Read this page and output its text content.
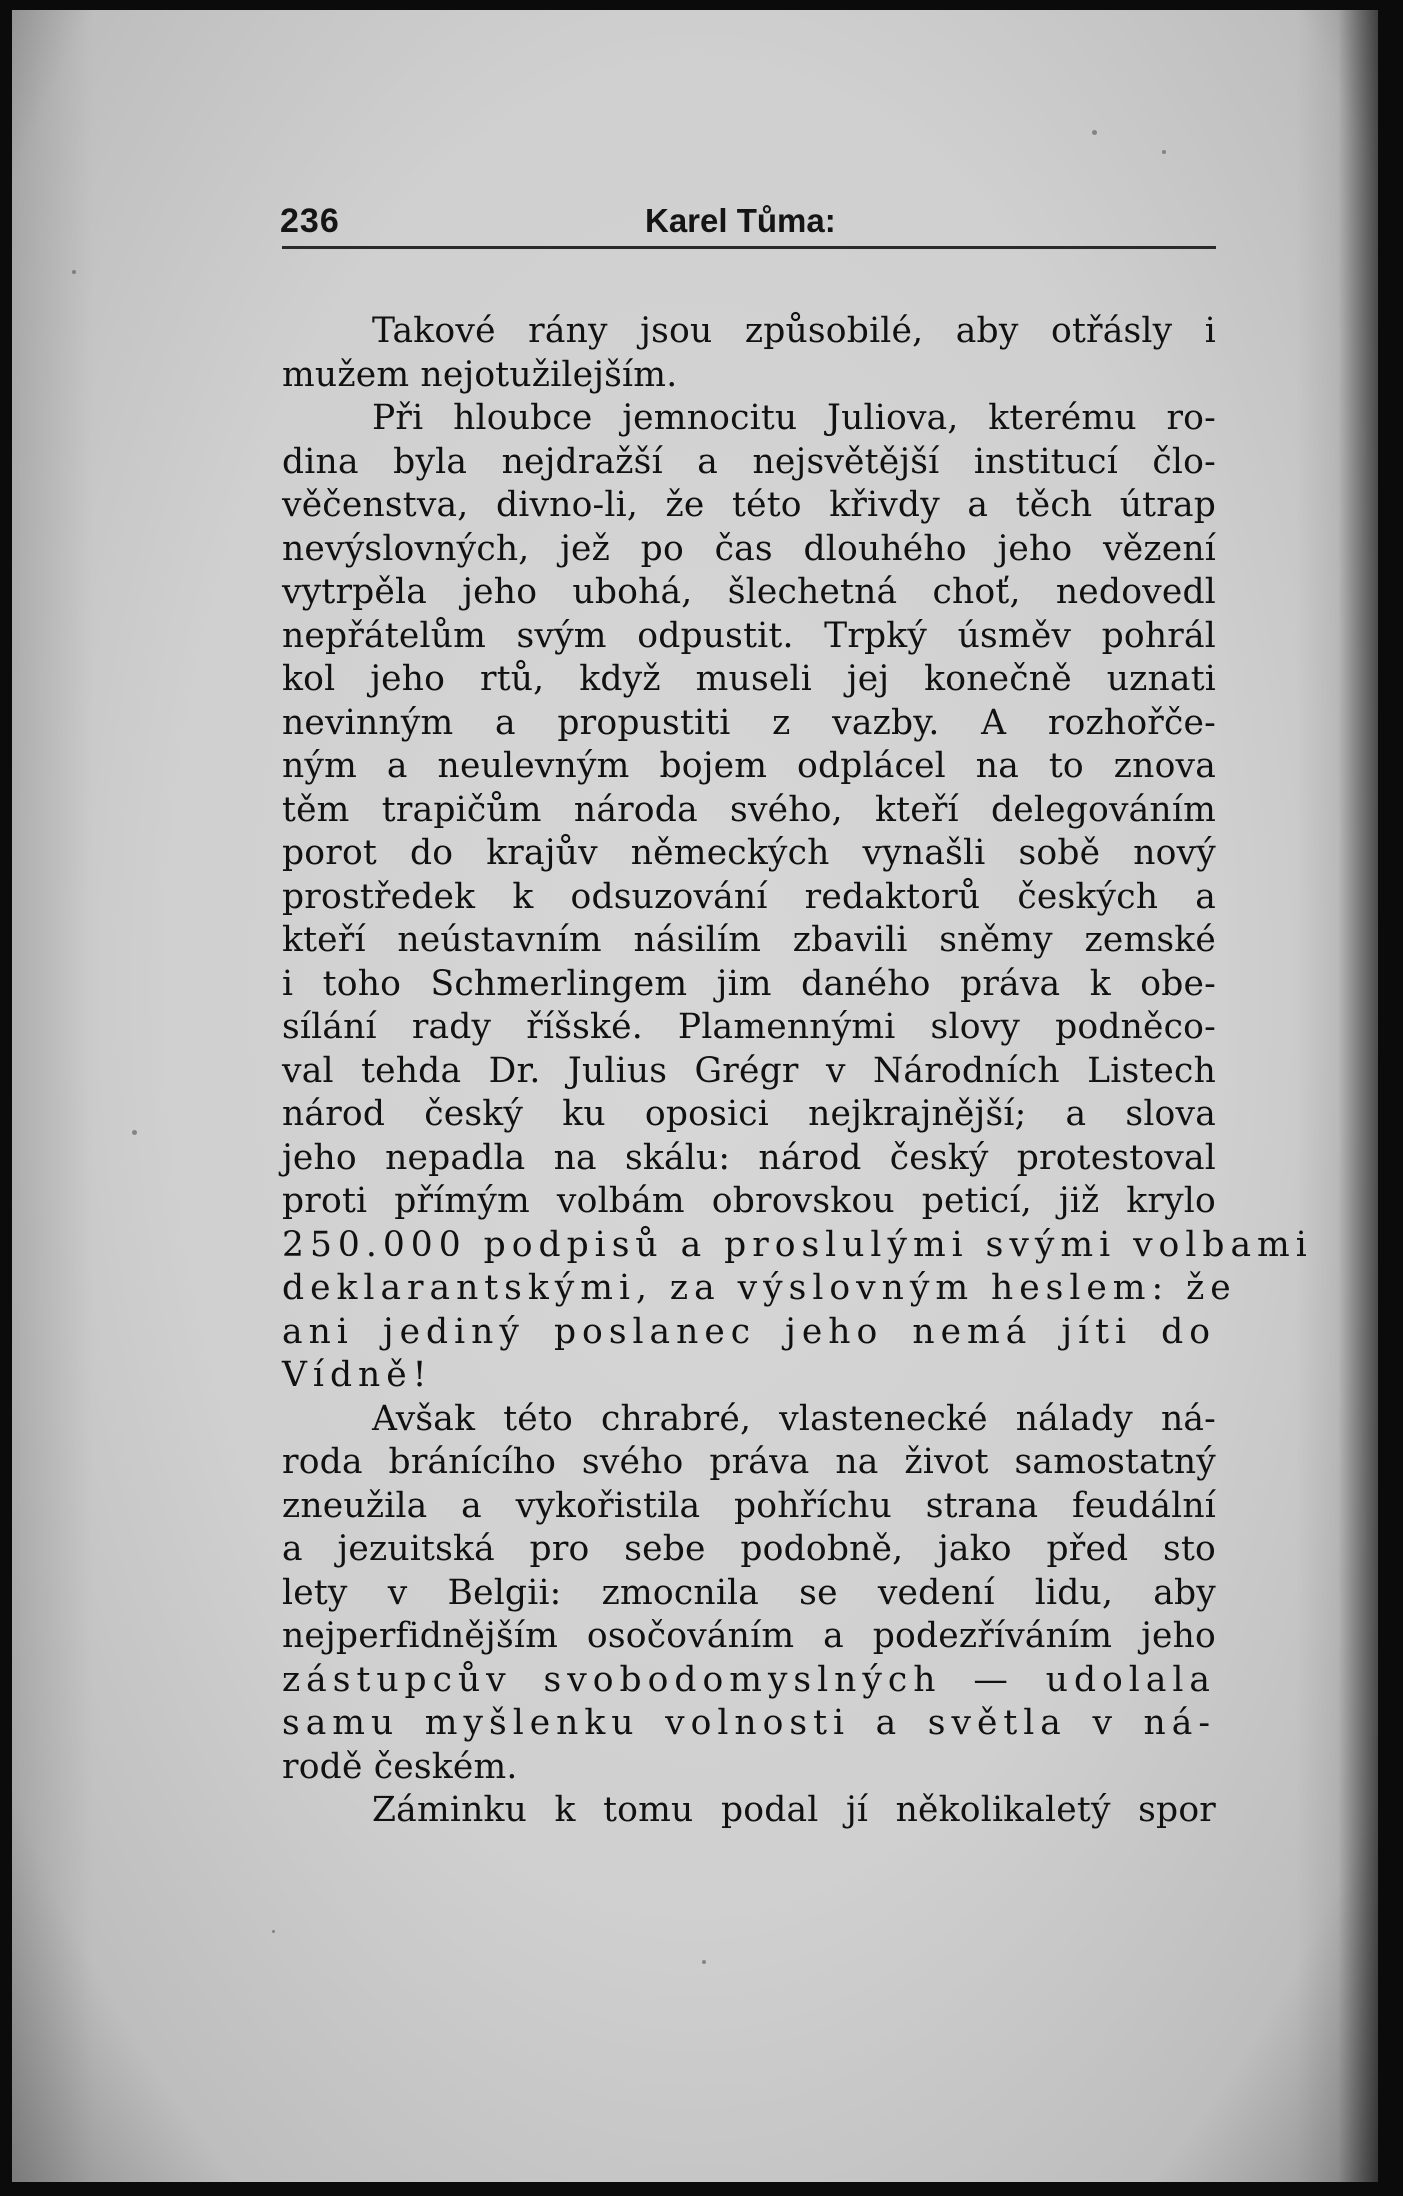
236	Karel Tůma:
Takové rány jsou způsobilé, aby otřásly i
mužem nejotužilejším.
Při hloubce jemnocitu Juliova, kterému ro-
dina byla nejdražší a nejsvětější institucí člo-
věčenstva, divno-li, že této křivdy a těch útrap
nevýslovných, jež po čas dlouhého jeho vězení
vytrpěla jeho ubohá, šlechetná choť, nedovedl
nepřátelům svým odpustit. Trpký úsměv pohrál
kol jeho rtů, když museli jej konečně uznati
nevinným a propustiti z vazby. A rozhořče-
ným a neulevným bojem odplácel na to znova
těm trapičům národa svého, kteří delegováním
porot do krajův německých vynašli sobě nový
prostředek k odsuzování redaktorů českých a
kteří neústavním násilím zbavili sněmy zemské
i toho Schmerlingem jim daného práva k obe-
sílání rady říšské. Plamennými slovy podněco-
val tehda Dr. Julius Grégr v Národních Listech
národ český ku oposici nejkrajnější; a slova
jeho nepadla na skálu: národ český protestoval
proti přímým volbám obrovskou peticí, již krylo
250.000 podpisů a proslulými svými volbami
deklarantskými, za výslovným heslem: že
ani jediný poslanec jeho nemá jíti do
Vídně!
Avšak této chrabré, vlastenecké nálady ná-
roda bránícího svého práva na život samostatný
zneužila a vykořistila pohříchu strana feudální
a jezuitská pro sebe podobně, jako před sto
lety v Belgii: zmocnila se vedení lidu, aby
nejperfidnějším osočováním a podezříváním jeho
zástupcův svobodomyslných — udolala
samu myšlenku volnosti a světla v ná-
rodě českém.
Záminku k tomu podal jí několikaletý spor
